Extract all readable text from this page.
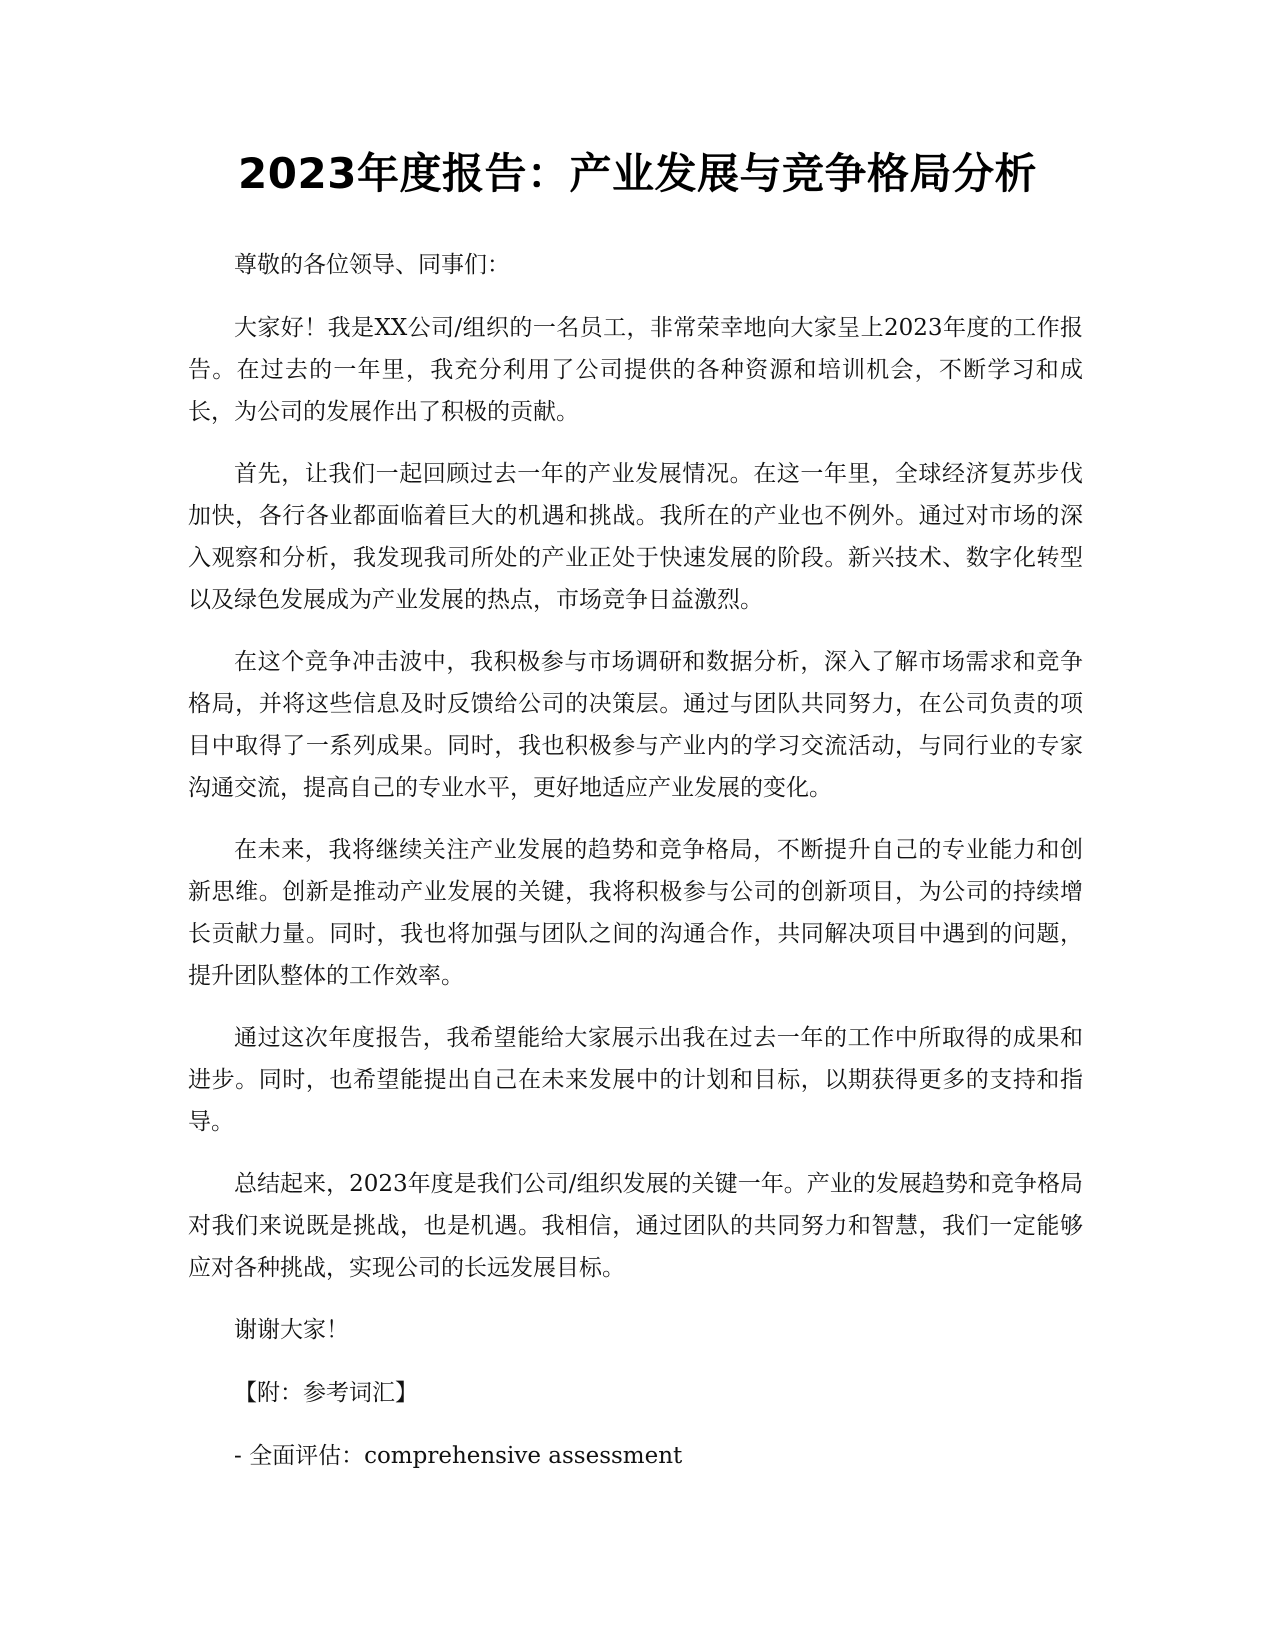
2023年度报告：产业发展与竞争格局分析

尊敬的各位领导、同事们：

大家好！我是XX公司/组织的一名员工，非常荣幸地向大家呈上2023年度的工作报告。在过去的一年里，我充分利用了公司提供的各种资源和培训机会，不断学习和成长，为公司的发展作出了积极的贡献。

首先，让我们一起回顾过去一年的产业发展情况。在这一年里，全球经济复苏步伐加快，各行各业都面临着巨大的机遇和挑战。我所在的产业也不例外。通过对市场的深入观察和分析，我发现我司所处的产业正处于快速发展的阶段。新兴技术、数字化转型以及绿色发展成为产业发展的热点，市场竞争日益激烈。

在这个竞争冲击波中，我积极参与市场调研和数据分析，深入了解市场需求和竞争格局，并将这些信息及时反馈给公司的决策层。通过与团队共同努力，在公司负责的项目中取得了一系列成果。同时，我也积极参与产业内的学习交流活动，与同行业的专家沟通交流，提高自己的专业水平，更好地适应产业发展的变化。

在未来，我将继续关注产业发展的趋势和竞争格局，不断提升自己的专业能力和创新思维。创新是推动产业发展的关键，我将积极参与公司的创新项目，为公司的持续增长贡献力量。同时，我也将加强与团队之间的沟通合作，共同解决项目中遇到的问题，提升团队整体的工作效率。

通过这次年度报告，我希望能给大家展示出我在过去一年的工作中所取得的成果和进步。同时，也希望能提出自己在未来发展中的计划和目标，以期获得更多的支持和指导。

总结起来，2023年度是我们公司/组织发展的关键一年。产业的发展趋势和竞争格局对我们来说既是挑战，也是机遇。我相信，通过团队的共同努力和智慧，我们一定能够应对各种挑战，实现公司的长远发展目标。

谢谢大家！

【附：参考词汇】

- 全面评估：comprehensive assessment
